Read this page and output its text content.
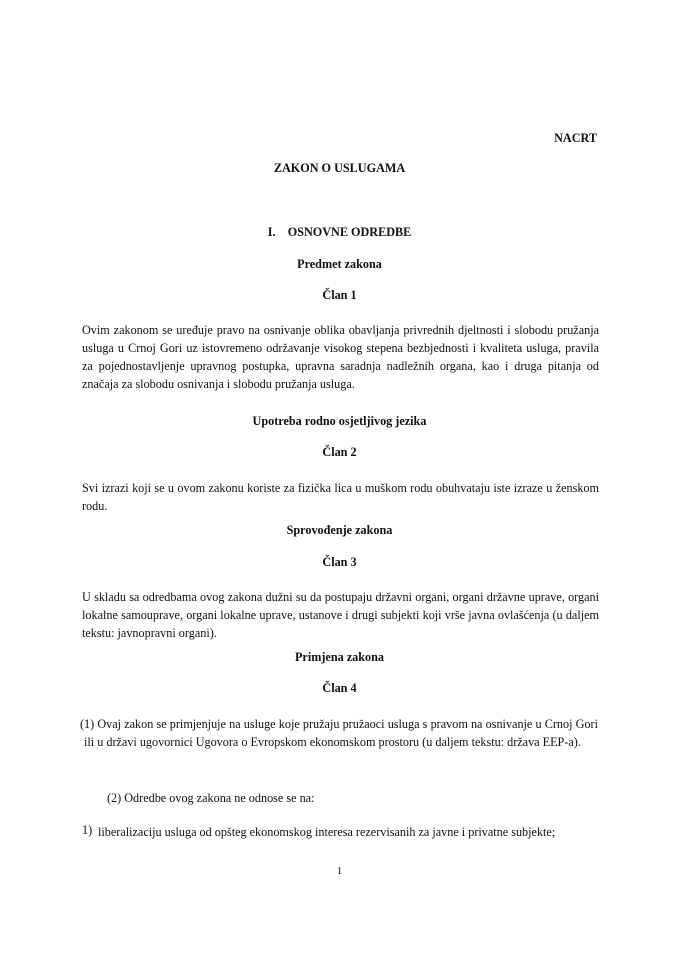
NACRT
ZAKON O USLUGAMA
I. OSNOVNE ODREDBE
Predmet zakona
Član 1
Ovim zakonom se uređuje pravo na osnivanje oblika obavljanja privrednih djeltnosti i slobodu pružanja usluga u Crnoj Gori uz istovremeno održavanje visokog stepena bezbjednosti i kvaliteta usluga, pravila za pojednostavljenje upravnog postupka, upravna saradnja nadležnih organa, kao i druga pitanja od značaja za slobodu osnivanja i slobodu pružanja usluga.
Upotreba rodno osjetljivog jezika
Član 2
Svi izrazi koji se u ovom zakonu koriste za fizička lica u muškom rodu obuhvataju iste izraze u ženskom rodu.
Sprovođenje zakona
Član 3
U skladu sa odredbama ovog zakona dužni su da postupaju državni organi, organi državne uprave, organi lokalne samouprave, organi lokalne uprave, ustanove i drugi subjekti koji vrše javna ovlašćenja (u daljem tekstu: javnopravni organi).
Primjena zakona
Član 4
(1) Ovaj zakon se primjenjuje na usluge koje pružaju pružaoci usluga s pravom na osnivanje u Crnoj Gori ili u državi ugovornici Ugovora o Evropskom ekonomskom prostoru (u daljem tekstu: država EEP-a).
(2) Odredbe ovog zakona ne odnose se na:
1) liberalizaciju usluga od opšteg ekonomskog interesa rezervisanih za javne i privatne subjekte;
1
